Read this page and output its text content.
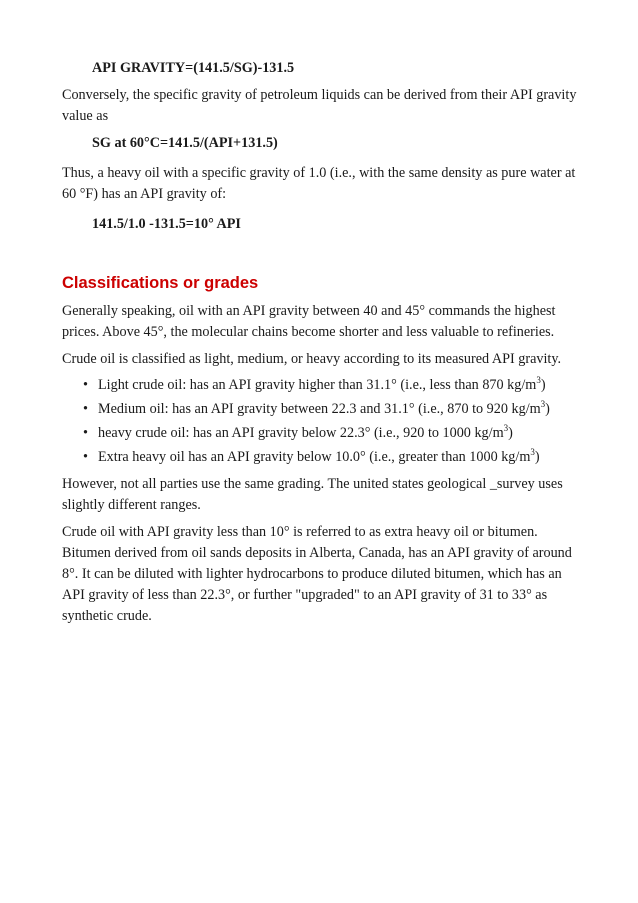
API GRAVITY=(141.5/SG)-131.5

Conversely, the specific gravity of petroleum liquids can be derived from their API gravity value as

SG at 60°C=141.5/(API+131.5)

Thus, a heavy oil with a specific gravity of 1.0 (i.e., with the same density as pure water at 60 °F) has an API gravity of:

141.5/1.0 -131.5=10° API

Classifications or grades

Generally speaking, oil with an API gravity between 40 and 45° commands the highest prices. Above 45°, the molecular chains become shorter and less valuable to refineries.

Crude oil is classified as light, medium, or heavy according to its measured API gravity.

• Light crude oil: has an API gravity higher than 31.1° (i.e., less than 870 $kg/m^3$)
• Medium oil: has an API gravity between 22.3 and 31.1° (i.e., 870 to 920 $kg/m^3$)
• heavy crude oil: has an API gravity below 22.3° (i.e., 920 to 1000 $kg/m^3$)
• Extra heavy oil has an API gravity below 10.0° (i.e., greater than 1000 $kg/m^3$)

However, not all parties use the same grading. The united states geological _survey uses slightly different ranges.

Crude oil with API gravity less than 10° is referred to as extra heavy oil or bitumen. Bitumen derived from oil sands deposits in Alberta, Canada, has an API gravity of around 8°. It can be diluted with lighter hydrocarbons to produce diluted bitumen, which has an API gravity of less than 22.3°, or further "upgraded" to an API gravity of 31 to 33° as synthetic crude.
